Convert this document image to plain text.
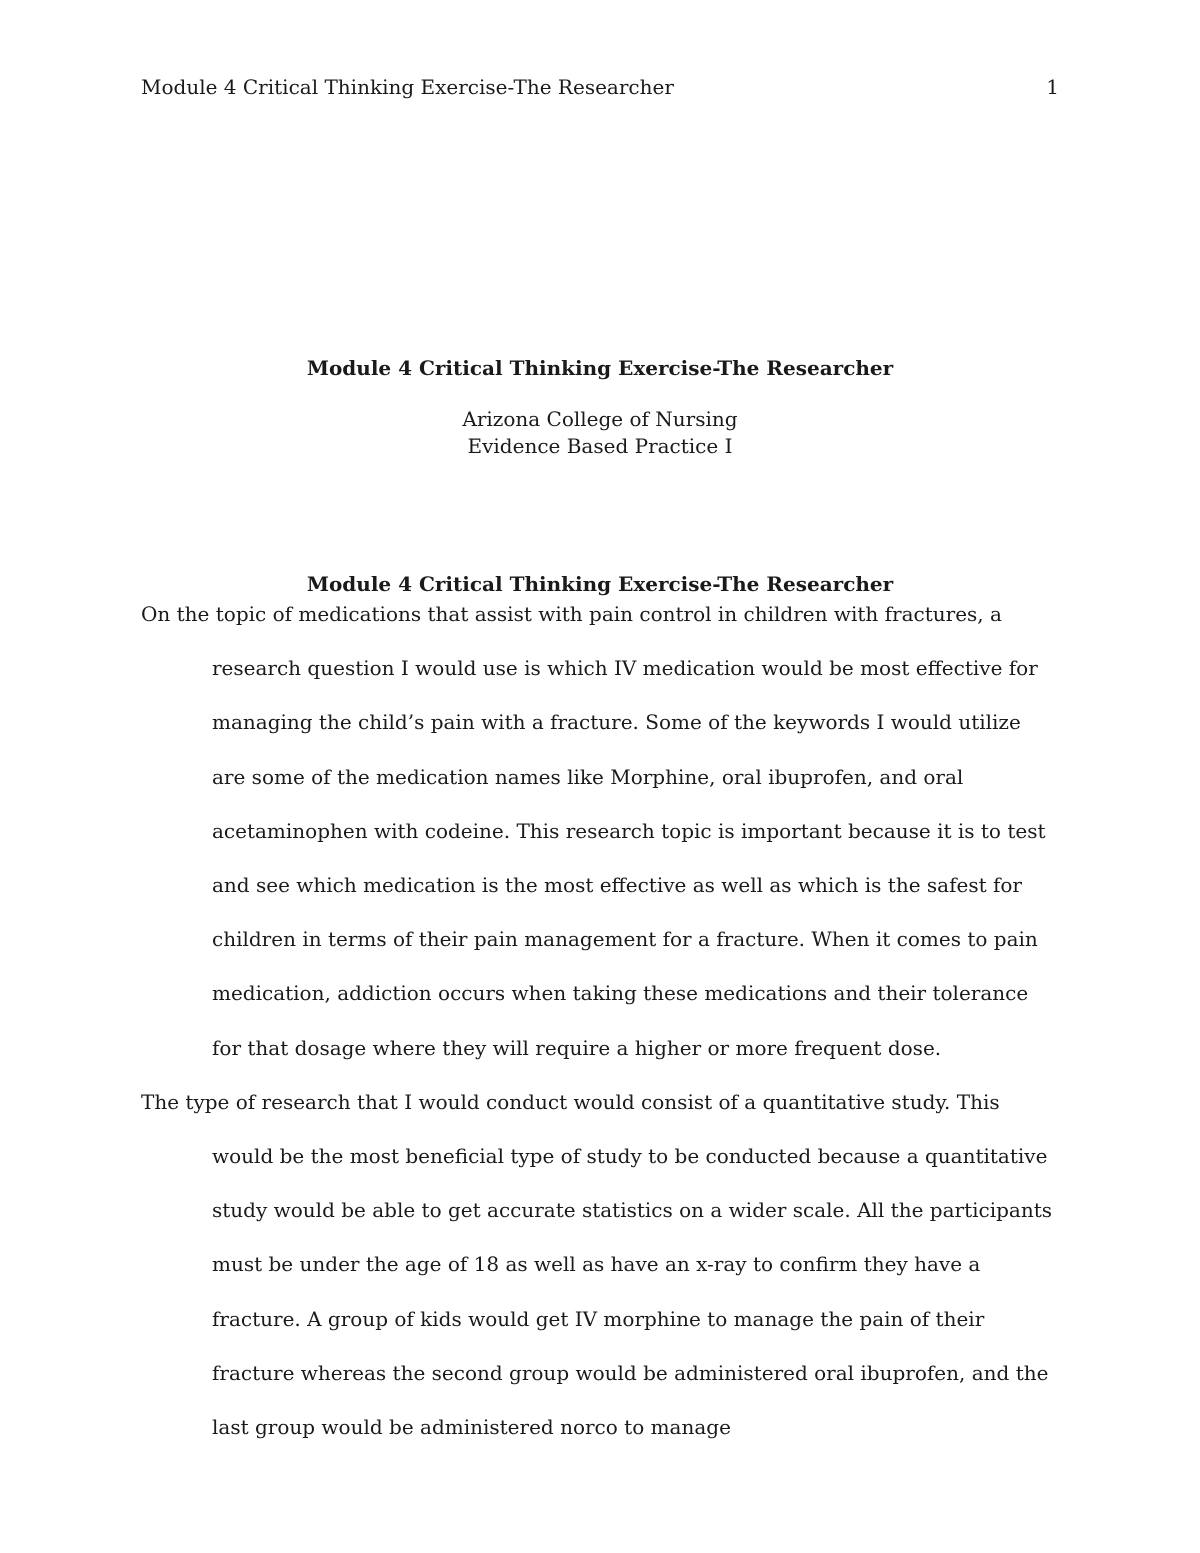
Module 4 Critical Thinking Exercise-The Researcher	1
Module 4 Critical Thinking Exercise-The Researcher
Arizona College of Nursing
Evidence Based Practice I
Module 4 Critical Thinking Exercise-The Researcher

On the topic of medications that assist with pain control in children with fractures, a research question I would use is which IV medication would be most effective for managing the child’s pain with a fracture. Some of the keywords I would utilize are some of the medication names like Morphine, oral ibuprofen, and oral acetaminophen with codeine. This research topic is important because it is to test and see which medication is the most effective as well as which is the safest for children in terms of their pain management for a fracture. When it comes to pain medication, addiction occurs when taking these medications and their tolerance for that dosage where they will require a higher or more frequent dose.

The type of research that I would conduct would consist of a quantitative study. This would be the most beneficial type of study to be conducted because a quantitative study would be able to get accurate statistics on a wider scale. All the participants must be under the age of 18 as well as have an x-ray to confirm they have a fracture. A group of kids would get IV morphine to manage the pain of their fracture whereas the second group would be administered oral ibuprofen, and the last group would be administered norco to manage
